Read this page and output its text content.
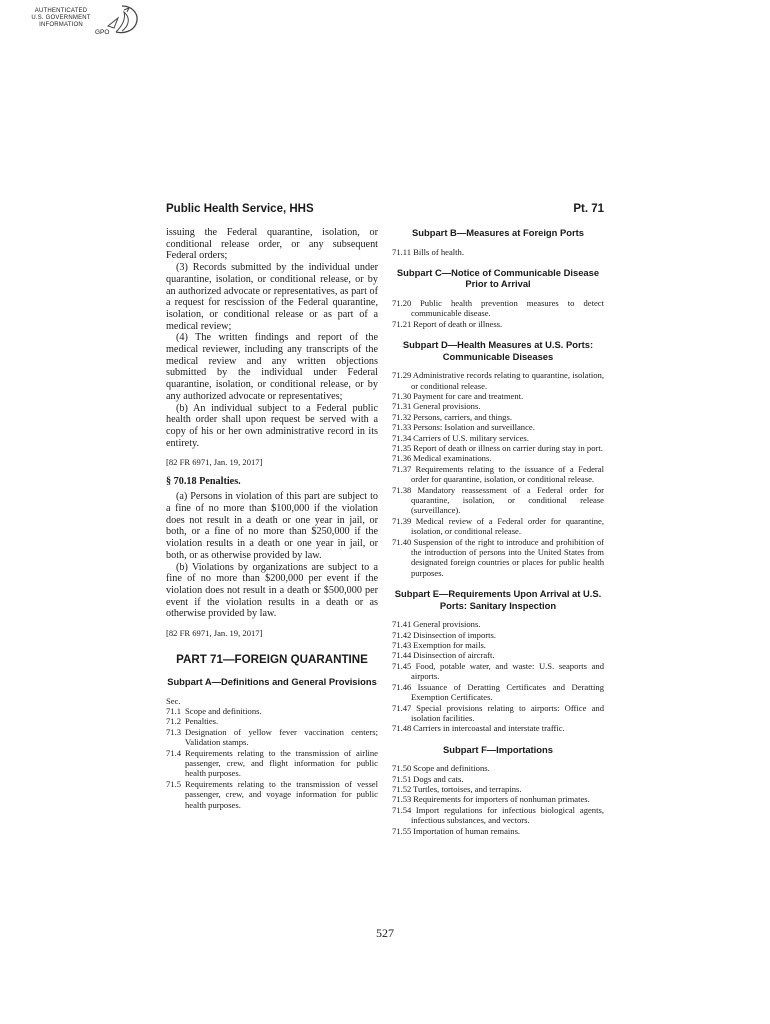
AUTHENTICATED
U.S. GOVERNMENT
INFORMATION
GPO
Public Health Service, HHS	Pt. 71

issuing the Federal quarantine, isolation, or conditional release order, or any subsequent Federal orders;

(3) Records submitted by the individual under quarantine, isolation, or conditional release, or by an authorized advocate or representatives, as part of a request for rescission of the Federal quarantine, isolation, or conditional release or as part of a medical review;

(4) The written findings and report of the medical reviewer, including any transcripts of the medical review and any written objections submitted by the individual under Federal quarantine, isolation, or conditional release, or by any authorized advocate or representatives;

(b) An individual subject to a Federal public health order shall upon request be served with a copy of his or her own administrative record in its entirety.

[82 FR 6971, Jan. 19, 2017]

§ 70.18 Penalties.

(a) Persons in violation of this part are subject to a fine of no more than $100,000 if the violation does not result in a death or one year in jail, or both, or a fine of no more than $250,000 if the violation results in a death or one year in jail, or both, or as otherwise provided by law.

(b) Violations by organizations are subject to a fine of no more than $200,000 per event if the violation does not result in a death or $500,000 per event if the violation results in a death or as otherwise provided by law.

[82 FR 6971, Jan. 19, 2017]

PART 71—FOREIGN QUARANTINE
Subpart A—Definitions and General Provisions

Sec.

71.1 Scope and definitions.
71.2 Penalties.
71.3 Designation of yellow fever vaccination centers; Validation stamps.
71.4 Requirements relating to the transmission of airline passenger, crew, and flight information for public health purposes.
71.5 Requirements relating to the transmission of vessel passenger, crew, and voyage information for public health purposes.
Subpart B—Measures at Foreign Ports
71.11 Bills of health.
Subpart C—Notice of Communicable Disease Prior to Arrival
71.20 Public health prevention measures to detect communicable disease.
71.21 Report of death or illness.
Subpart D—Health Measures at U.S. Ports: Communicable Diseases
71.29 Administrative records relating to quarantine, isolation, or conditional release.
71.30 Payment for care and treatment.
71.31 General provisions.
71.32 Persons, carriers, and things.
71.33 Persons: Isolation and surveillance.
71.34 Carriers of U.S. military services.
71.35 Report of death or illness on carrier during stay in port.
71.36 Medical examinations.
71.37 Requirements relating to the issuance of a Federal order for quarantine, isolation, or conditional release.
71.38 Mandatory reassessment of a Federal order for quarantine, isolation, or conditional release (surveillance).
71.39 Medical review of a Federal order for quarantine, isolation, or conditional release.
71.40 Suspension of the right to introduce and prohibition of the introduction of persons into the United States from designated foreign countries or places for public health purposes.
Subpart E—Requirements Upon Arrival at U.S. Ports: Sanitary Inspection
71.41 General provisions.
71.42 Disinsection of imports.
71.43 Exemption for mails.
71.44 Disinsection of aircraft.
71.45 Food, potable water, and waste: U.S. seaports and airports.
71.46 Issuance of Deratting Certificates and Deratting Exemption Certificates.
71.47 Special provisions relating to airports: Office and isolation facilities.
71.48 Carriers in intercoastal and interstate traffic.
Subpart F—Importations
71.50 Scope and definitions.
71.51 Dogs and cats.
71.52 Turtles, tortoises, and terrapins.
71.53 Requirements for importers of nonhuman primates.
71.54 Import regulations for infectious biological agents, infectious substances, and vectors.
71.55 Importation of human remains.
527
